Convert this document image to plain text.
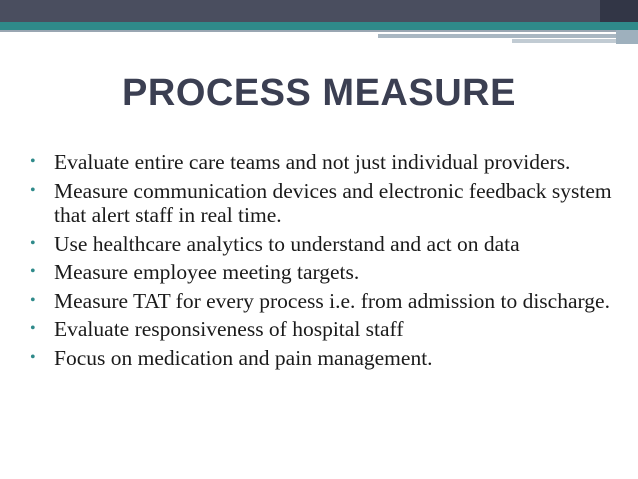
PROCESS MEASURE
• Evaluate entire care teams and not just individual providers.
• Measure communication devices and electronic feedback system that alert staff in real time.
• Use healthcare analytics to understand and act on data
• Measure employee meeting targets.
• Measure TAT for every process i.e. from admission to discharge.
• Evaluate responsiveness of hospital staff
• Focus on medication and pain management.
